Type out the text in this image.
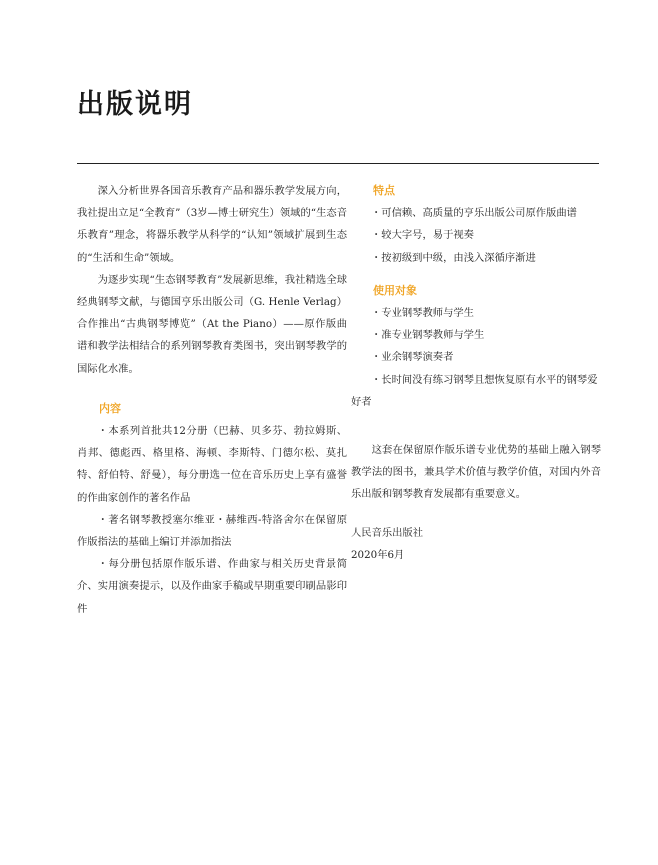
出版说明

深入分析世界各国音乐教育产品和器乐教学发展方向，我社提出立足“全教育”（3岁—博士研究生）领域的“生态音乐教育”理念，将器乐教学从科学的“认知”领域扩展到生态的“生活和生命”领域。

为逐步实现“生态钢琴教育”发展新思维，我社精选全球经典钢琴文献，与德国亨乐出版公司（G. Henle Verlag）合作推出“古典钢琴博览”（At the Piano）——原作版曲谱和教学法相结合的系列钢琴教育类图书，突出钢琴教学的国际化水准。

内容

・本系列首批共12分册（巴赫、贝多芬、勃拉姆斯、肖邦、德彪西、格里格、海顿、李斯特、门德尔松、莫扎特、舒伯特、舒曼），每分册选一位在音乐历史上享有盛誉的作曲家创作的著名作品

・著名钢琴教授塞尔维亚・赫维西-特洛舍尔在保留原作版指法的基础上编订并添加指法

・每分册包括原作版乐谱、作曲家与相关历史背景简介、实用演奏提示，以及作曲家手稿或早期重要印刷品影印件

特点
・可信赖、高质量的亨乐出版公司原作版曲谱
・较大字号，易于视奏
・按初级到中级，由浅入深循序渐进
使用对象
・专业钢琴教师与学生
・准专业钢琴教师与学生
・业余钢琴演奏者
・长时间没有练习钢琴且想恢复原有水平的钢琴爱好者

这套在保留原作版乐谱专业优势的基础上融入钢琴教学法的图书，兼具学术价值与教学价值，对国内外音乐出版和钢琴教育发展都有重要意义。

人民音乐出版社

2020年6月
